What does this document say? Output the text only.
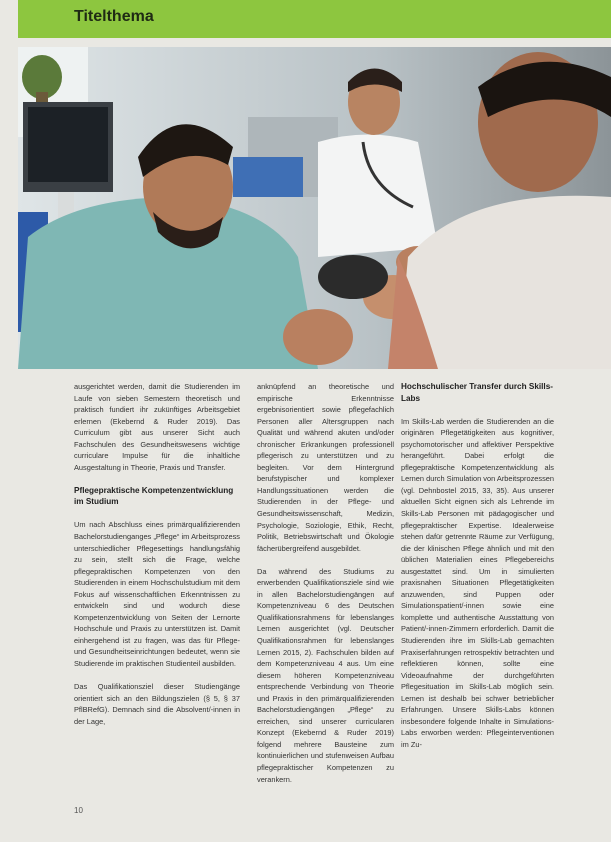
Titelthema

ausgerichtet werden, damit die Studierenden im Laufe von sieben Semestern theoretisch und praktisch fundiert ihr zukünftiges Arbeitsgebiet erlernen (Ekebernd & Ruder 2019). Das Curriculum gibt aus unserer Sicht auch Fachschulen des Gesundheitswesens wichtige curriculare Impulse für die inhaltliche Ausgestaltung in Theorie, Praxis und Transfer.

Pflegepraktische Kompetenzentwicklung im Studium

Um nach Abschluss eines primärqualifizierenden Bachelorstudienganges „Pflege“ im Arbeitsprozess unterschiedlicher Pflegesettings handlungsfähig zu sein, stellt sich die Frage, welche pflegepraktischen Kompetenzen von den Studierenden in einem Hochschulstudium mit dem Fokus auf wissenschaftlichen Erkenntnissen zu entwickeln sind und wodurch diese Kompetenzentwicklung von Seiten der Lernorte Hochschule und Praxis zu unterstützen ist. Damit einhergehend ist zu fragen, was das für Pflege- und Gesundheitseinrichtungen bedeutet, wenn sie Studierende im praktischen Studienteil ausbilden.

Das Qualifikationsziel dieser Studiengänge orientiert sich an den Bildungszielen (§ 5, § 37 PflBRefG). Demnach sind die Absolvent/-innen in der Lage,

anknüpfend an theoretische und empirische Erkenntnisse ergebnisorientiert sowie pflegefachlich Personen aller Altersgruppen nach Qualität und während akuten und/oder chronischer Erkrankungen professionell pflegerisch zu unterstützen und zu begleiten. Vor dem Hintergrund berufstypischer und komplexer Handlungssituationen werden die Studierenden in der Pflege- und Gesundheitswissenschaft, Medizin, Psychologie, Soziologie, Ethik, Recht, Politik, Betriebswirtschaft und Ökologie fächerübergreifend ausgebildet.

Da während des Studiums zu erwerbenden Qualifikationsziele sind wie in allen Bachelorstudiengängen auf Kompetenzniveau 6 des Deutschen Qualifikationsrahmens für lebenslanges Lernen ausgerichtet (vgl. Deutscher Qualifikationsrahmen für lebenslanges Lernen 2015, 2). Fachschulen bilden auf dem Kompetenzniveau 4 aus. Um eine diesem höheren Kompetenzniveau entsprechende Verbindung von Theorie und Praxis in den primärqualifizierenden Bachelorstudiengängen „Pflege“ zu erreichen, sind unserer curricularen Konzept (Ekebernd & Ruder 2019) folgend mehrere Bausteine zum kontinuierlichen und stufenweisen Aufbau pflegepraktischer Kompetenzen zu verankern.

Hochschulischer Transfer durch Skills-Labs

Im Skills-Lab werden die Studierenden an die originären Pflegetätigkeiten aus kognitiver, psychomotorischer und affektiver Perspektive herangeführt. Dabei erfolgt die pflegepraktische Kompetenzentwicklung als Lernen durch Simulation von Arbeitsprozessen (vgl. Dehnbostel 2015, 33, 35). Aus unserer aktuellen Sicht eignen sich als Lehrende im Skills-Lab Personen mit pädagogischer und pflegepraktischer Expertise. Idealerweise stehen dafür getrennte Räume zur Verfügung, die der klinischen Pflege ähnlich und mit den üblichen Materialien eines Pflegebereichs ausgestattet sind. Um in simulierten praxisnahen Situationen Pflegetätigkeiten anzuwenden, sind Puppen oder Simulationspatient/-innen sowie eine komplette und authentische Ausstattung von Patient/-innen-Zimmern erforderlich. Damit die Studierenden ihre im Skills-Lab gemachten Praxiserfahrungen retrospektiv betrachten und reflektieren können, sollte eine Videoaufnahme der durchgeführten Pflegesituation im Skills-Lab möglich sein. Lernen ist deshalb bei schwer betrieblicher Erfahrungen. Unsere Skills-Labs können insbesondere folgende Inhalte in Simulations-Labs erworben werden: Pflegeinterventionen im Zu-

10
